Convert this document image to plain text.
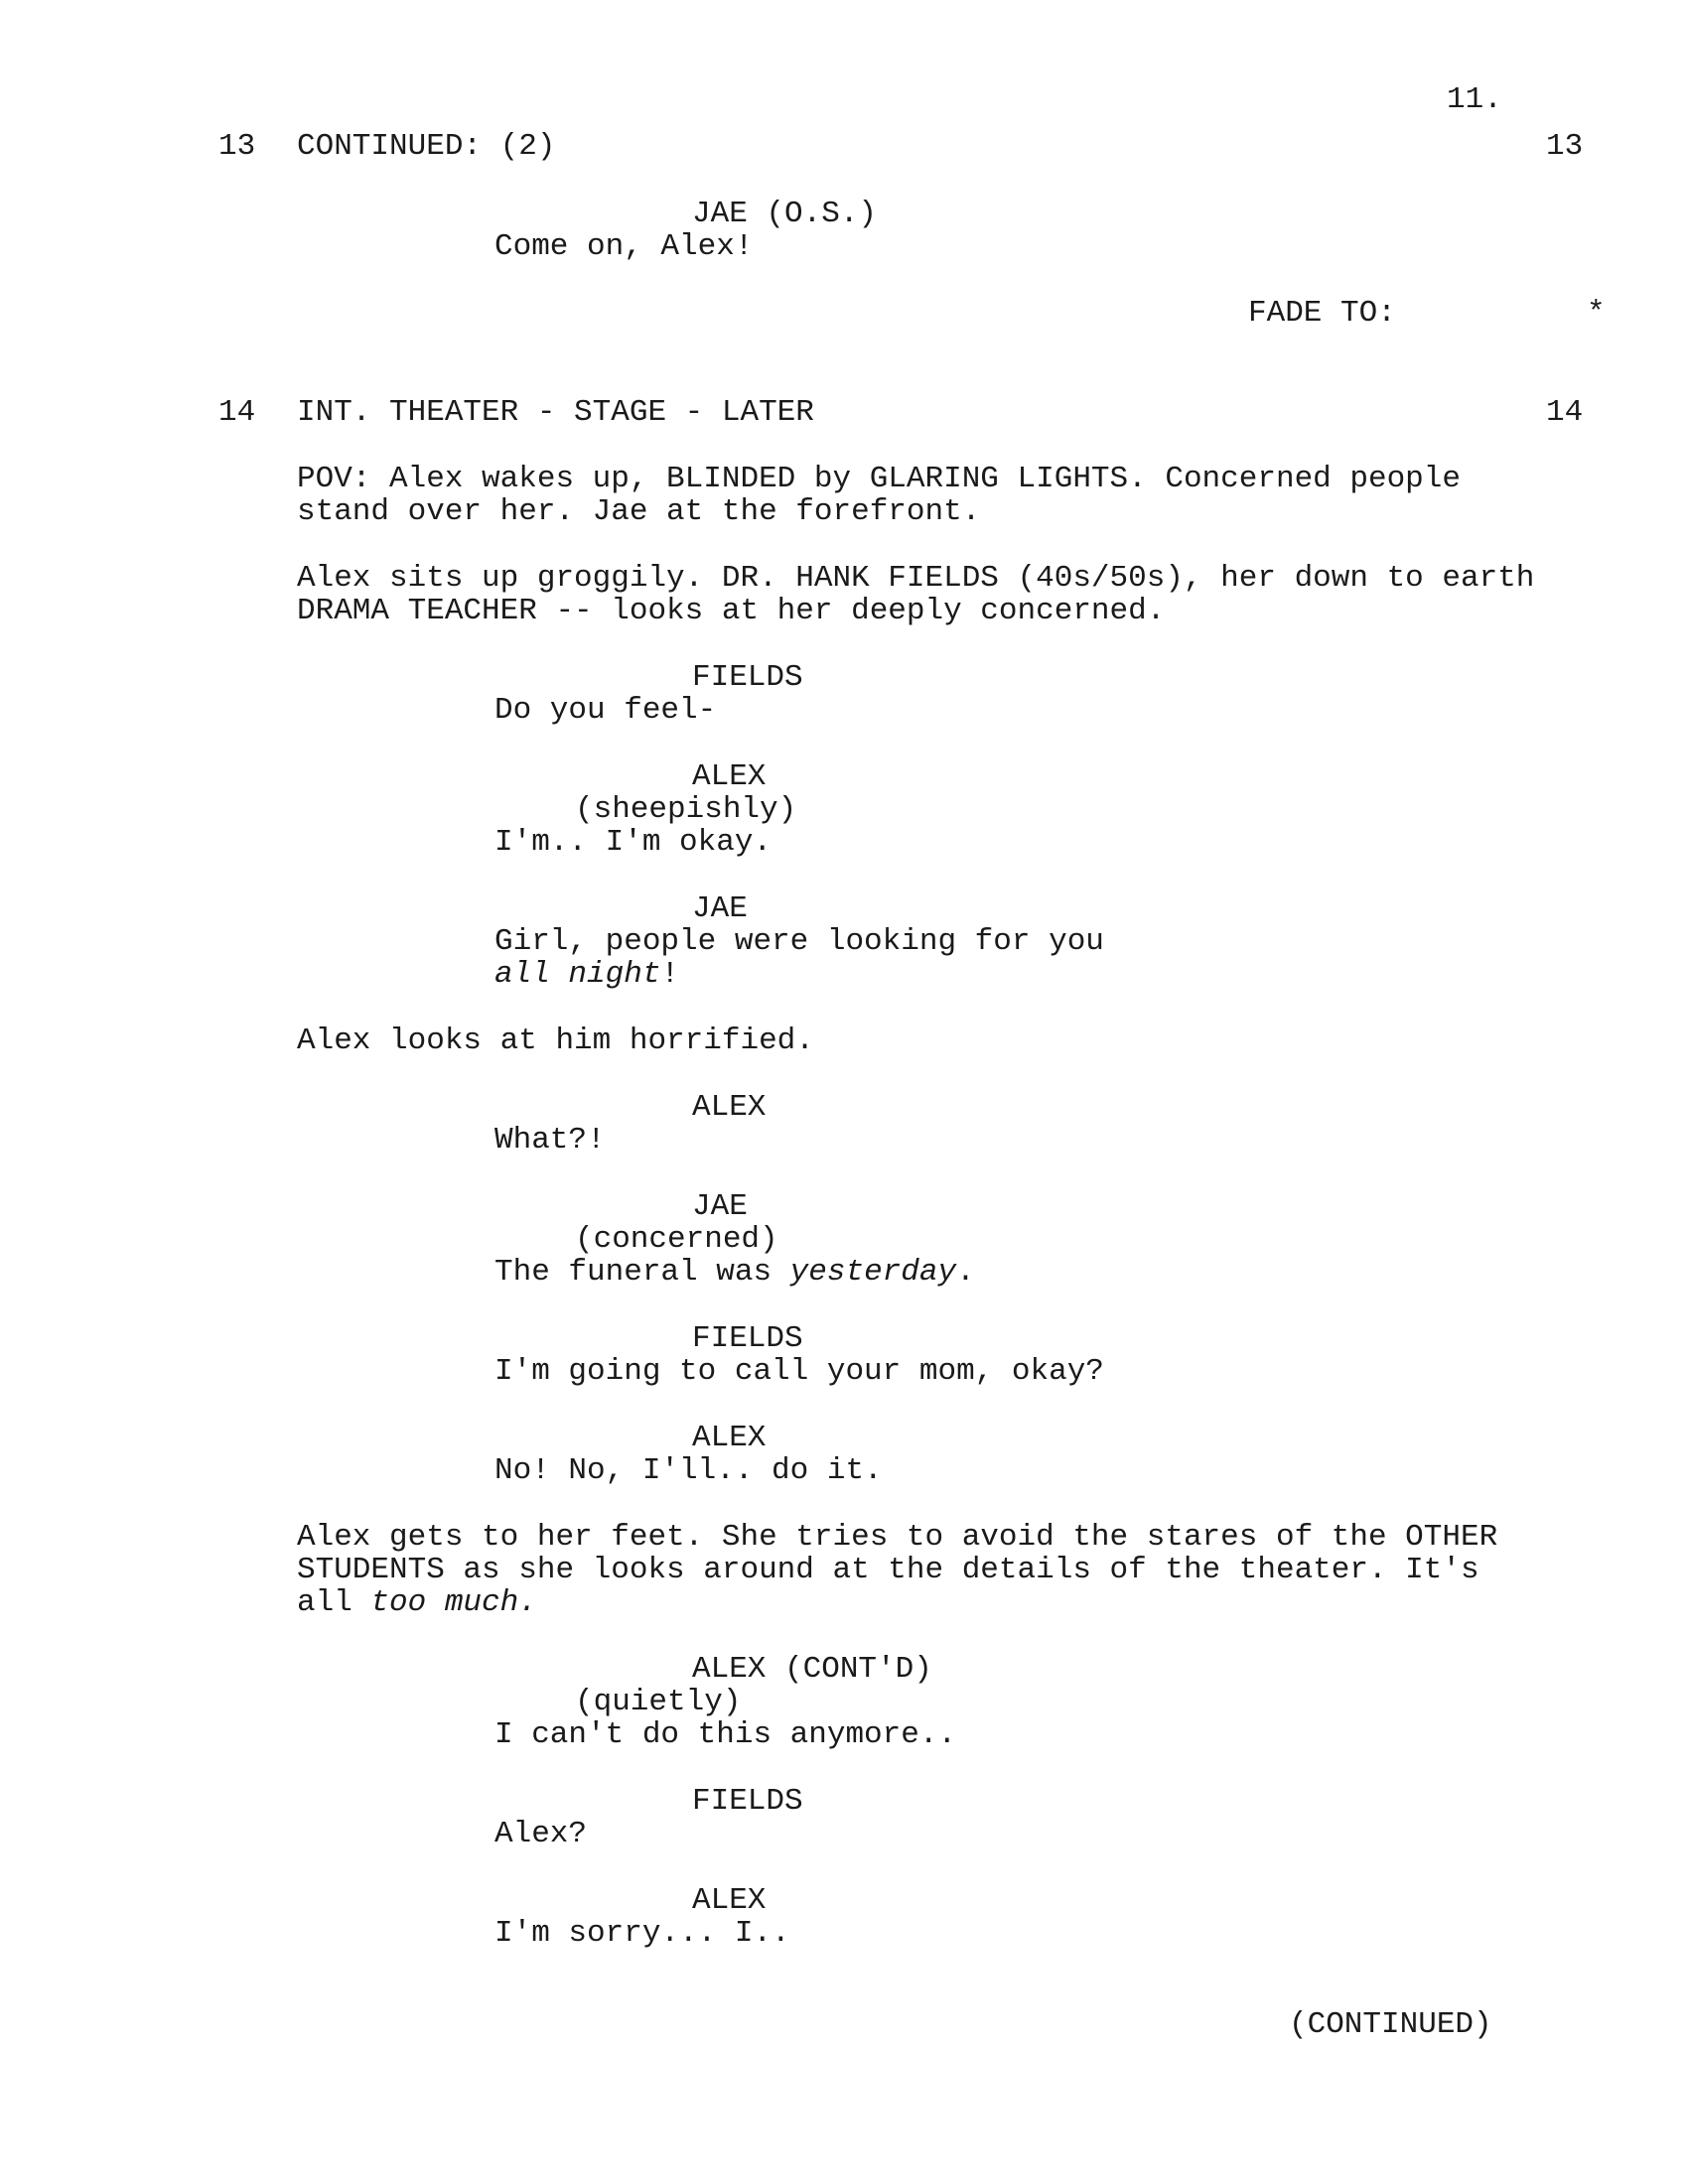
11.
13 CONTINUED: (2)	13
JAE (O.S.)
Come on, Alex!
FADE TO:	*
14 INT. THEATER - STAGE - LATER	14
POV: Alex wakes up, BLINDED by GLARING LIGHTS. Concerned people stand over her. Jae at the forefront.
Alex sits up groggily. DR. HANK FIELDS (40s/50s), her down to earth DRAMA TEACHER -- looks at her deeply concerned.
FIELDS
Do you feel-
ALEX
(sheepishly)
I'm.. I'm okay.
JAE
Girl, people were looking for you
all night!
Alex looks at him horrified.
ALEX
What?!
JAE
(concerned)
The funeral was yesterday.
FIELDS
I'm going to call your mom, okay?
ALEX
No! No, I'll.. do it.
Alex gets to her feet. She tries to avoid the stares of the OTHER STUDENTS as she looks around at the details of the theater. It's all too much.
ALEX (CONT'D)
(quietly)
I can't do this anymore..
FIELDS
Alex?
ALEX
I'm sorry... I..
(CONTINUED)
